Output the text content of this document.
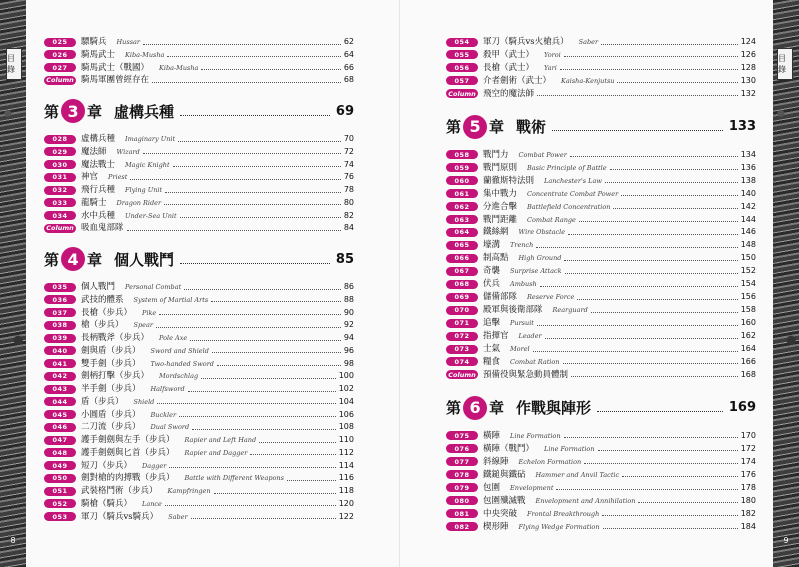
目錄
8
目錄
9
025	驃騎兵 Hussar	62
026	騎馬武士 Kiba-Musha	64
027	騎馬武士（戰國） Kiba-Musha	66
Column 騎馬軍團曾經存在	68
第 3 章 虛構兵種	69
028	虛構兵種 Imaginary Unit	70
029	魔法師 Wizard	72
030	魔法戰士 Magic Knight	74
031	神官 Priest	76
032	飛行兵種 Flying Unit	78
033	龍騎士 Dragon Rider	80
034	水中兵種 Under-Sea Unit	82
Column 吸血鬼部隊	84
第 4 章 個人戰鬥	85
035	個人戰鬥 Personal Combat	86
036	武技的體系 System of Martial Arts	88
037	長槍（步兵） Pike	90
038	槍（步兵） Spear	92
039	長柄戰斧（步兵） Pole Axe	94
040	劍與盾（步兵） Sword and Shield	96
041	雙手劍（步兵） Two-handed Sword	98
042	劍柄打擊（步兵） Mordschlag	100
043	半手劍（步兵） Halfsword	102
044	盾（步兵） Shield	104
045	小圓盾（步兵） Buckler	106
046	二刀流（步兵） Dual Sword	108
047	護手劍劍與左手（步兵） Rapier and Left Hand	110
048	護手劍劍與匕首（步兵） Rapier and Dagger	112
049	短刀（步兵） Dagger	114
050	劍對槍的肉搏戰（步兵） Battle with Different Weapons	116
051	武裝格鬥術（步兵） Kampfringen	118
052	騎槍（騎兵） Lance	120
053	軍刀（騎兵vs騎兵） Saber	122
054	軍刀（騎兵vs火槍兵） Saber	124
055	殺甲（武士） Yoroi	126
056	長槍（武士） Yari	128
057	介者劍術（武士） Kaisha-Kenjutsu	130
Column 飛空的魔法師	132
第 5 章 戰術	133
058	戰鬥力 Combat Power	134
059	戰鬥原則 Basic Principle of Battle	136
060	蘭徹斯特法則 Lanchester's Law	138
061	集中戰力 Concentrate Combat Power	140
062	分進合擊 Battlefield Concentration	142
063	戰鬥距離 Combat Range	144
064	鐵絲網 Wire Obstacle	146
065	壕溝 Trench	148
066	制高點 High Ground	150
067	奇襲 Surprise Attack	152
068	伏兵 Ambush	154
069	儲備部隊 Reserve Force	156
070	殿軍與後衛部隊 Rearguard	158
071	追擊 Pursuit	160
072	指揮官 Leader	162
073	士氣 Morel	164
074	糧食 Combat Ration	166
Column 預備役與緊急動員體制	168
第 6 章 作戰與陣形	169
075	橫陣 Line Formation	170
076	橫陣（戰鬥） Line Formation	172
077	斜線陣 Echelon Formation	174
078	鐵鎚與鐵砧 Hammer and Anvil Tactic	176
079	包圍 Envelopment	178
080	包圍殲滅戰 Envelopment and Annihilation	180
081	中央突破 Frontal Breakthrough	182
082	楔形陣 Flying Wedge Formation	184
